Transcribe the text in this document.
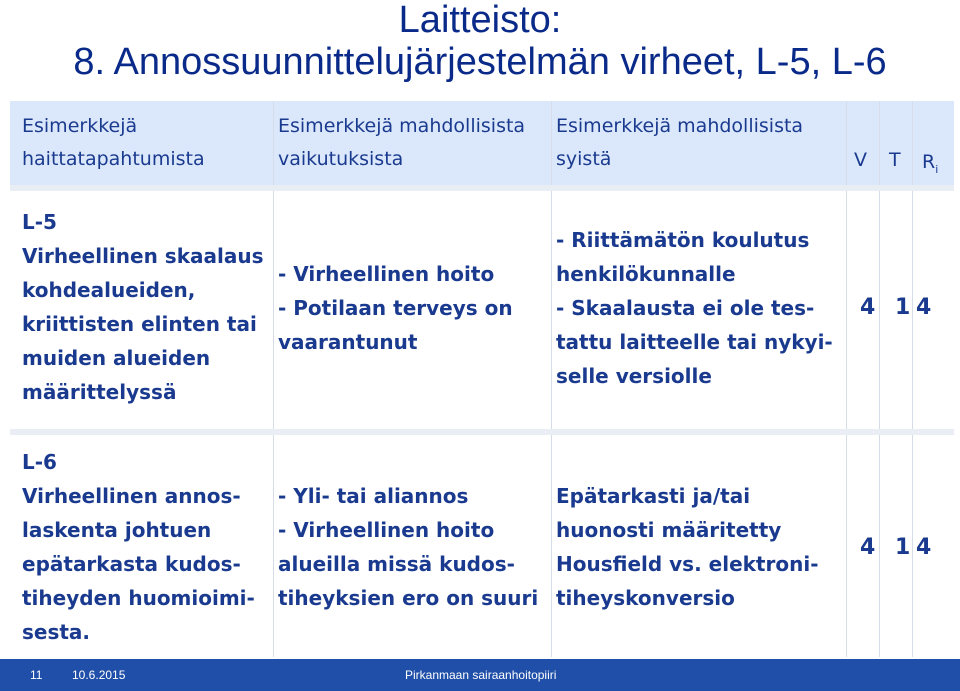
Laitteisto:
8. Annossuunnittelujärjestelmän virheet, L-5, L-6
Esimerkkejä
haittatapahtumista
Esimerkkejä mahdollisista
vaikutuksista
Esimerkkejä mahdollisista
syistä	V T $R_i$
L-5
Virheellinen skaalaus
kohdealueiden,
kriittisten elinten tai
muiden alueiden
määrittelyssä
- Virheellinen hoito
- Potilaan terveys on
vaarantunut
- Riittämätön koulutus
henkilökunnalle
- Skaalausta ei ole tes-
tattu laitteelle tai nykyi-
selle versiolle
4 1 4
L-6
Virheellinen annos-
laskenta johtuen
epätarkasta kudos-
tiheyden huomioimi-
sesta.
- Yli- tai aliannos
- Virheellinen hoito
alueilla missä kudos-
tiheyksien ero on suuri
Epätarkasti ja/tai
huonosti määritetty
Housfield vs. elektroni-
tiheyskonversio
4 1 4
11 10.6.2015	Pirkanmaan sairaanhoitopiiri
